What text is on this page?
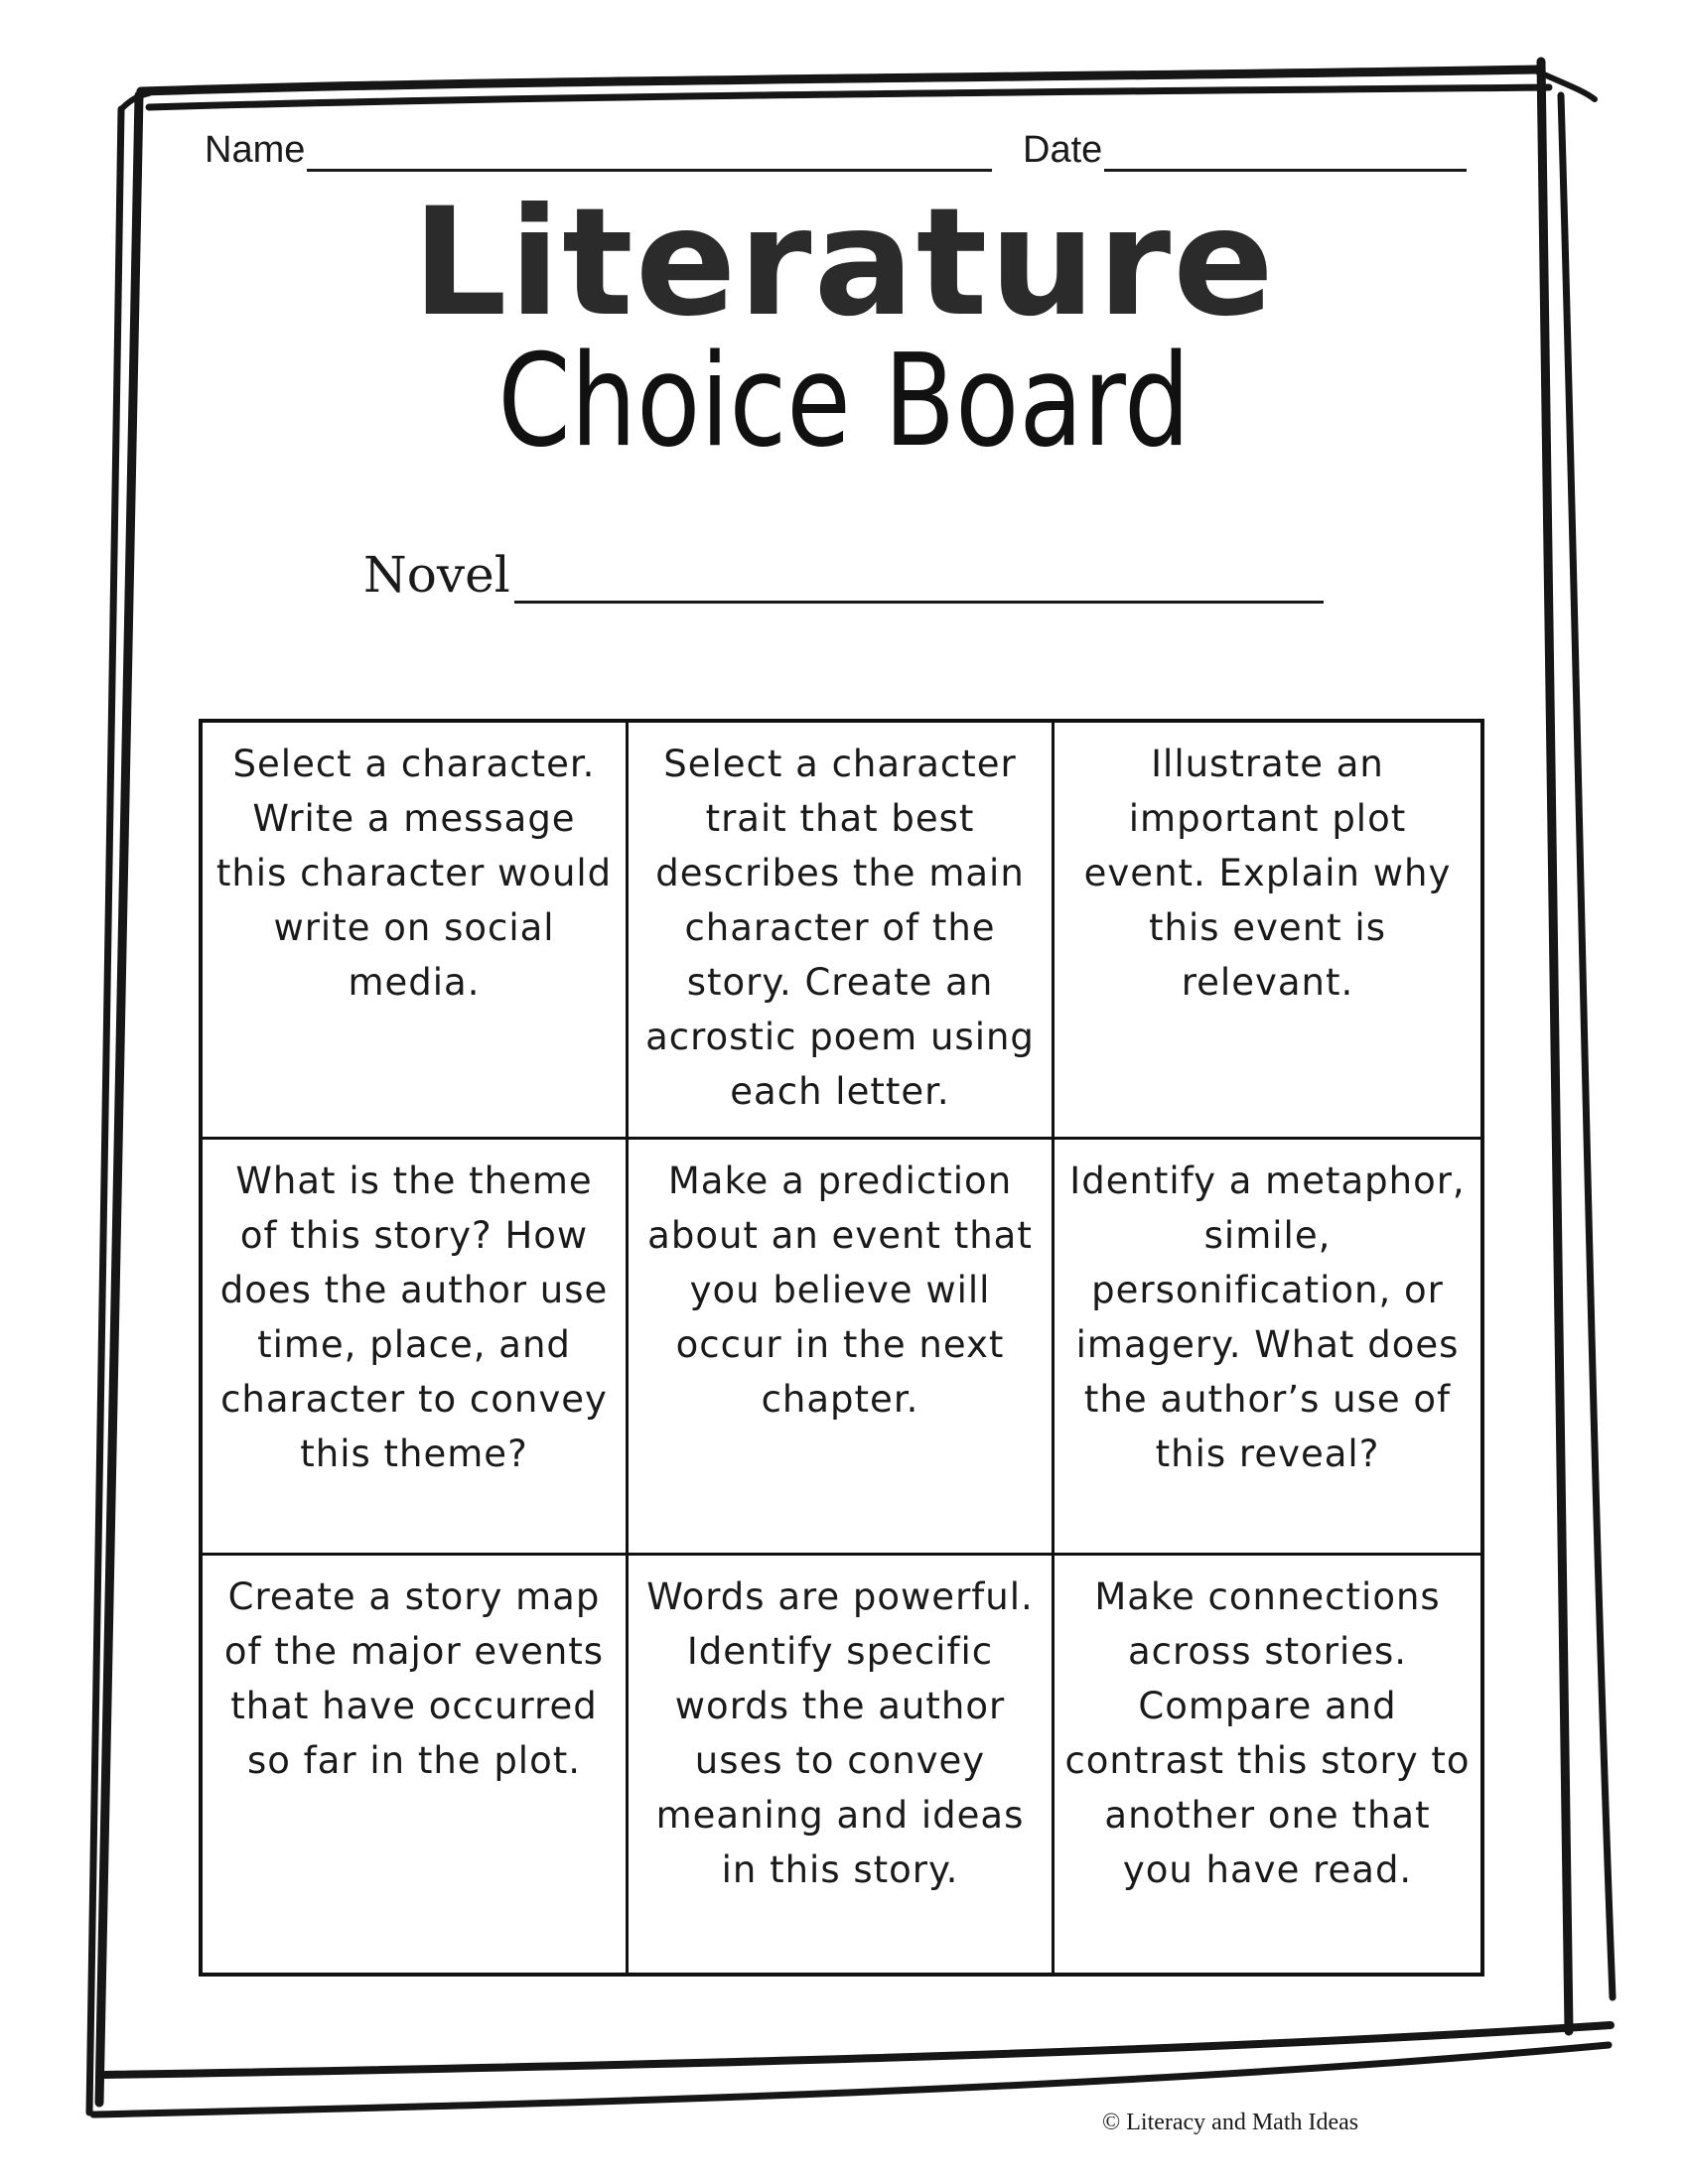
Name	Date
Literature
Choice Board
Novel
Select a character. Write a message this character would write on social media.
Select a character trait that best describes the main character of the story. Create an acrostic poem using each letter.
Illustrate an important plot event. Explain why this event is relevant.
What is the theme of this story? How does the author use time, place, and character to convey this theme?
Make a prediction about an event that you believe will occur in the next chapter.
Identify a metaphor, simile, personification, or imagery. What does the author’s use of this reveal?
Create a story map of the major events that have occurred so far in the plot.
Words are powerful. Identify specific words the author uses to convey meaning and ideas in this story.
Make connections across stories. Compare and contrast this story to another one that you have read.
© Literacy and Math Ideas
